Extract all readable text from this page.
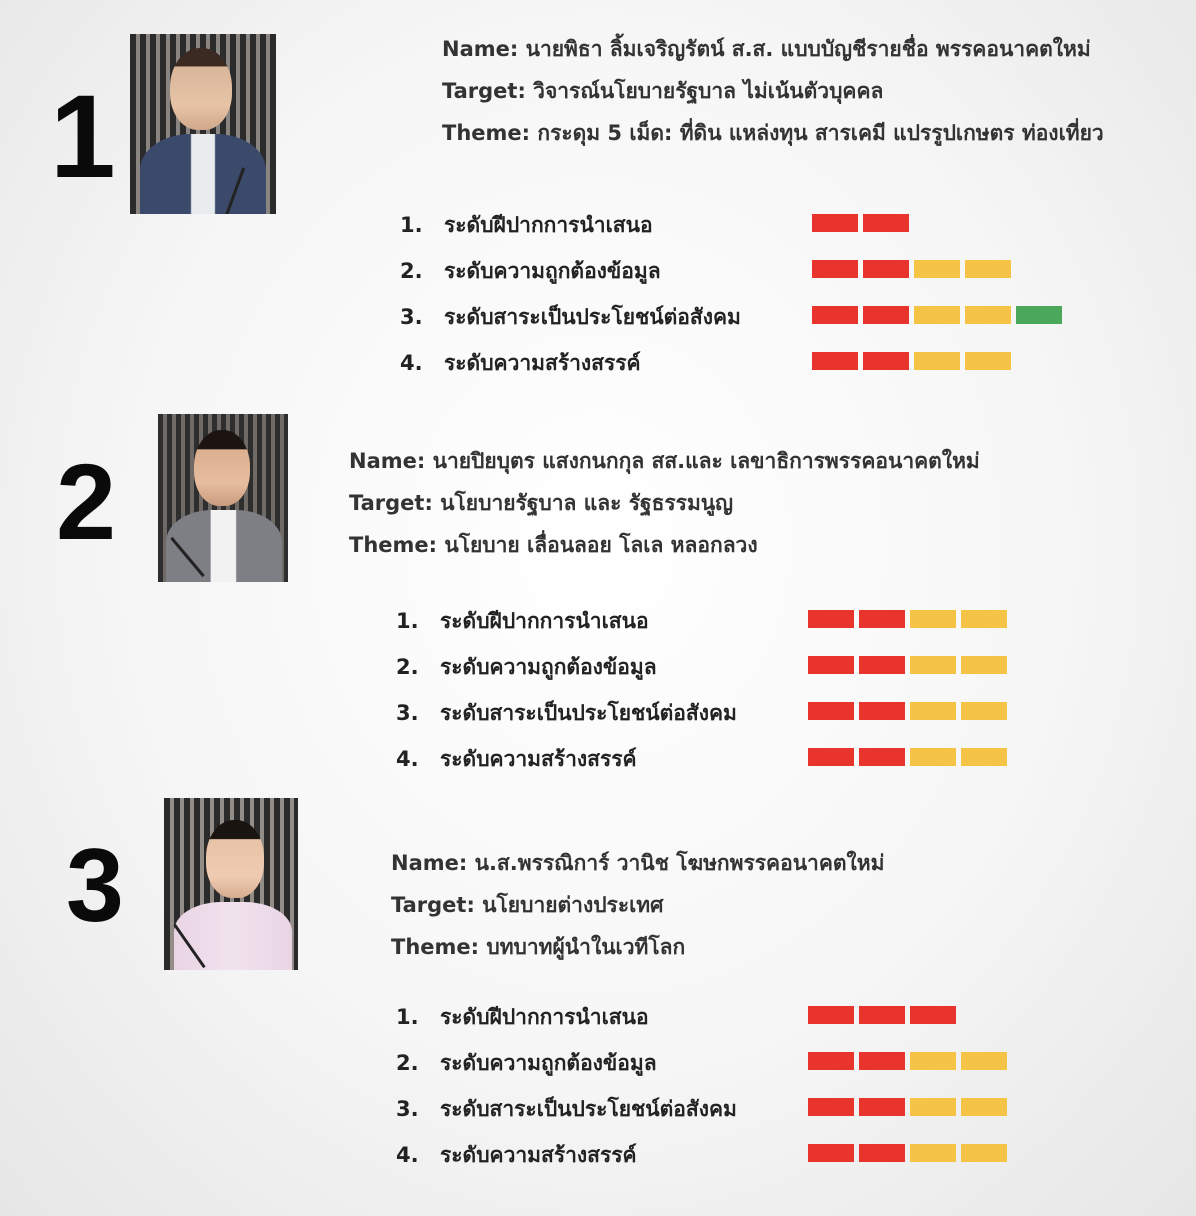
1
Name: นายพิธา ลิ้มเจริญรัตน์ ส.ส. แบบบัญชีรายชื่อ พรรคอนาคตใหม่
Target: วิจารณ์นโยบายรัฐบาล ไม่เน้นตัวบุคคล
Theme: กระดุม 5 เม็ด: ที่ดิน แหล่งทุน สารเคมี แปรรูปเกษตร ท่องเที่ยว
1. ระดับฝีปากการนำเสนอ
2. ระดับความถูกต้องข้อมูล
3. ระดับสาระเป็นประโยชน์ต่อสังคม
4. ระดับความสร้างสรรค์
2	Name: นายปิยบุตร แสงกนกกุล สส.และ เลขาธิการพรรคอนาคตใหม่
Target: นโยบายรัฐบาล และ รัฐธรรมนูญ
Theme: นโยบาย เลื่อนลอย โลเล หลอกลวง
1. ระดับฝีปากการนำเสนอ
2. ระดับความถูกต้องข้อมูล
3. ระดับสาระเป็นประโยชน์ต่อสังคม
4. ระดับความสร้างสรรค์
3	Name: น.ส.พรรณิการ์ วานิช โฆษกพรรคอนาคตใหม่
Target: นโยบายต่างประเทศ
Theme: บทบาทผู้นำในเวทีโลก
1. ระดับฝีปากการนำเสนอ
2. ระดับความถูกต้องข้อมูล
3. ระดับสาระเป็นประโยชน์ต่อสังคม
4. ระดับความสร้างสรรค์
